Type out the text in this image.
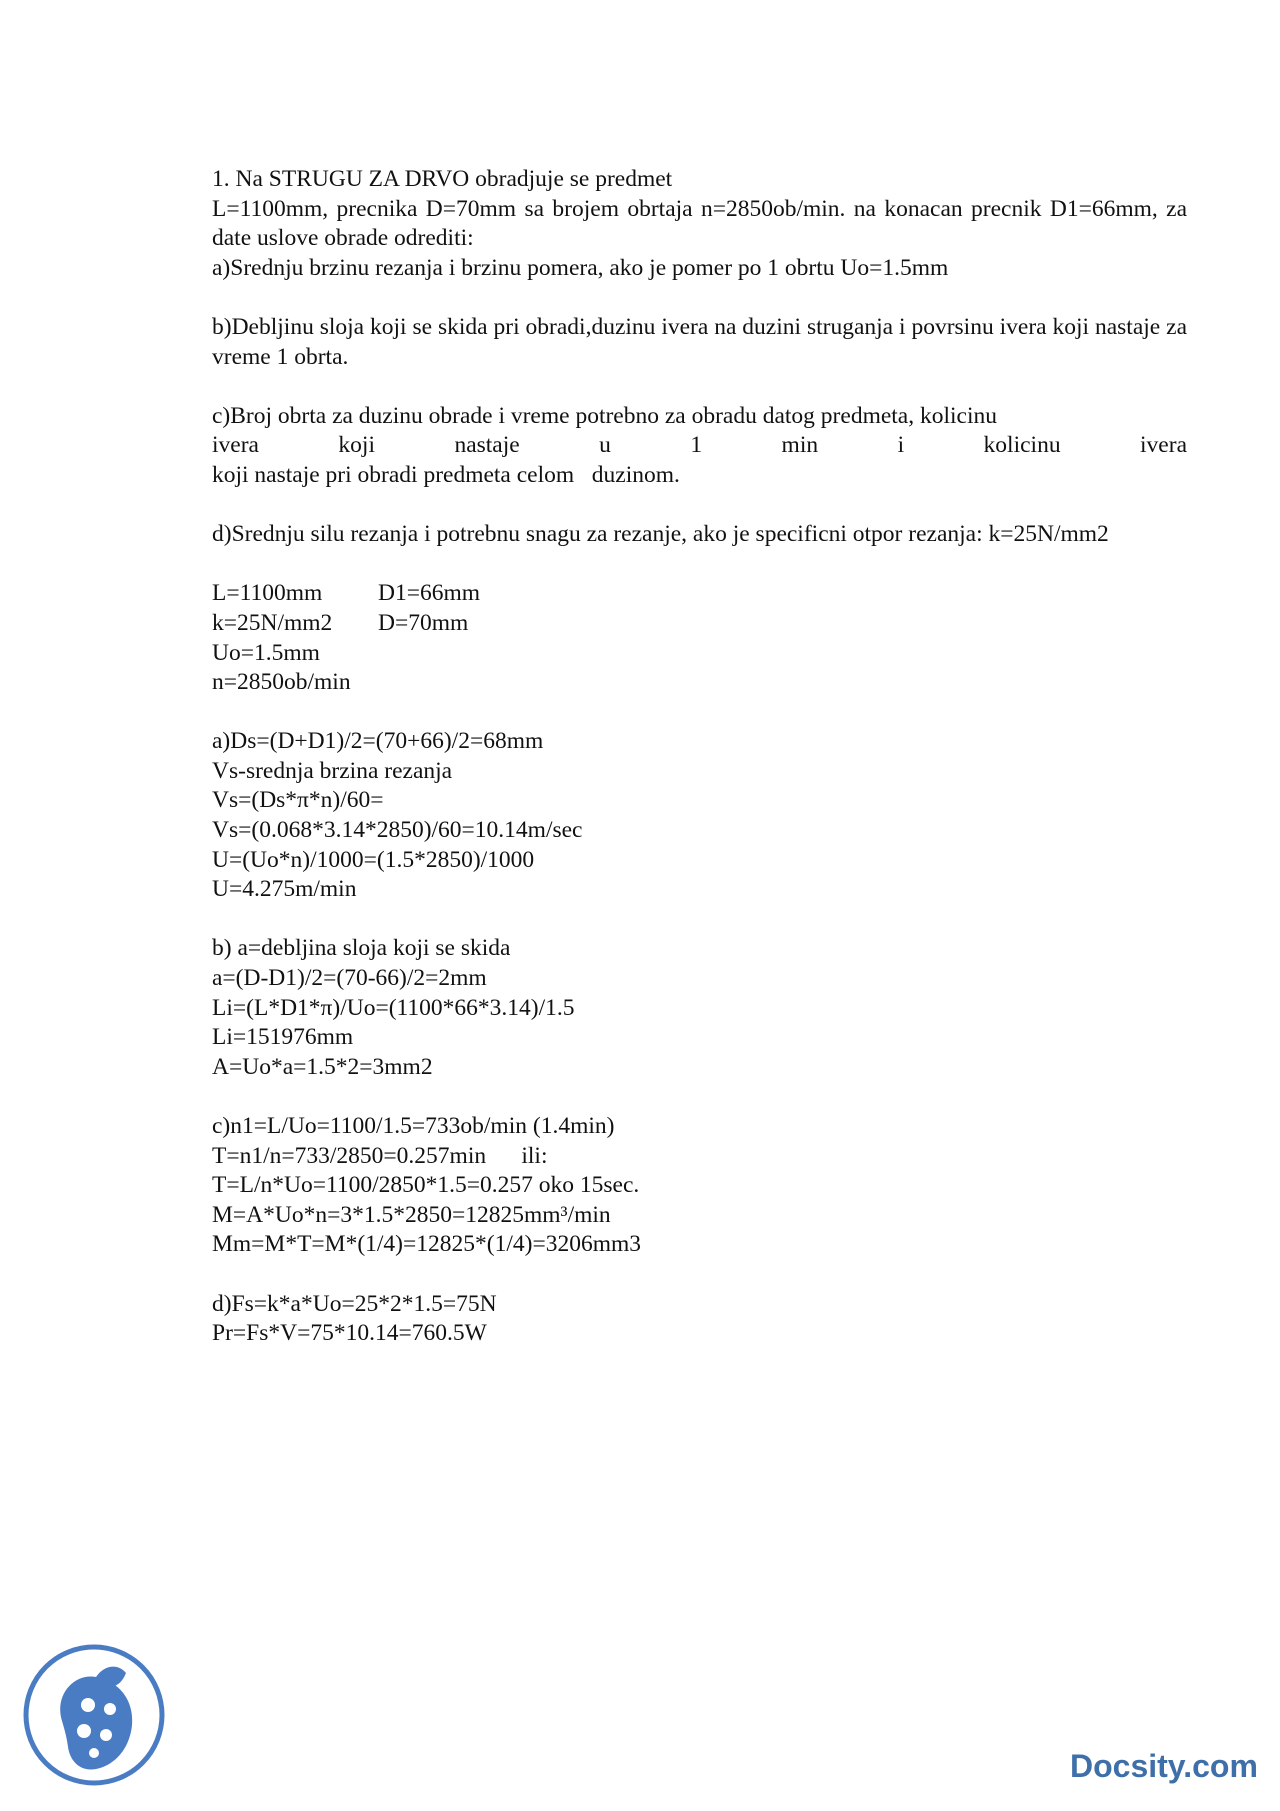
1. Na STRUGU ZA DRVO obradjuje se predmet

L=1100mm, precnika D=70mm sa brojem obrtaja n=2850ob/min. na konacan precnik D1=66mm, za date uslove obrade odrediti:

a)Srednju brzinu rezanja i brzinu pomera, ako je pomer po 1 obrtu Uo=1.5mm

b)Debljinu sloja koji se skida pri obradi,duzinu ivera na duzini struganja i povrsinu ivera koji nastaje za vreme 1 obrta.

c)Broj obrta za duzinu obrade i vreme potrebno za obradu datog predmeta, kolicinu

ivera koji nastaje u 1 min i kolicinu ivera

koji nastaje pri obradi predmeta celom   duzinom.

d)Srednju silu rezanja i potrebnu snagu za rezanje, ako je specificni otpor rezanja: k=25N/mm2

L=1100mm	D1=66mm
k=25N/mm2	D=70mm
Uo=1.5mm
n=2850ob/min
a)Ds=(D+D1)/2=(70+66)/2=68mm
Vs-srednja brzina rezanja
Vs=(Ds*π*n)/60=
Vs=(0.068*3.14*2850)/60=10.14m/sec
U=(Uo*n)/1000=(1.5*2850)/1000
U=4.275m/min
b) a=debljina sloja koji se skida
a=(D-D1)/2=(70-66)/2=2mm
Li=(L*D1*π)/Uo=(1100*66*3.14)/1.5
Li=151976mm
A=Uo*a=1.5*2=3mm2
c)n1=L/Uo=1100/1.5=733ob/min (1.4min)
T=n1/n=733/2850=0.257min      ili:
T=L/n*Uo=1100/2850*1.5=0.257 oko 15sec.
M=A*Uo*n=3*1.5*2850=12825mm³/min
Mm=M*T=M*(1/4)=12825*(1/4)=3206mm3
d)Fs=k*a*Uo=25*2*1.5=75N
Pr=Fs*V=75*10.14=760.5W
Docsity.com
